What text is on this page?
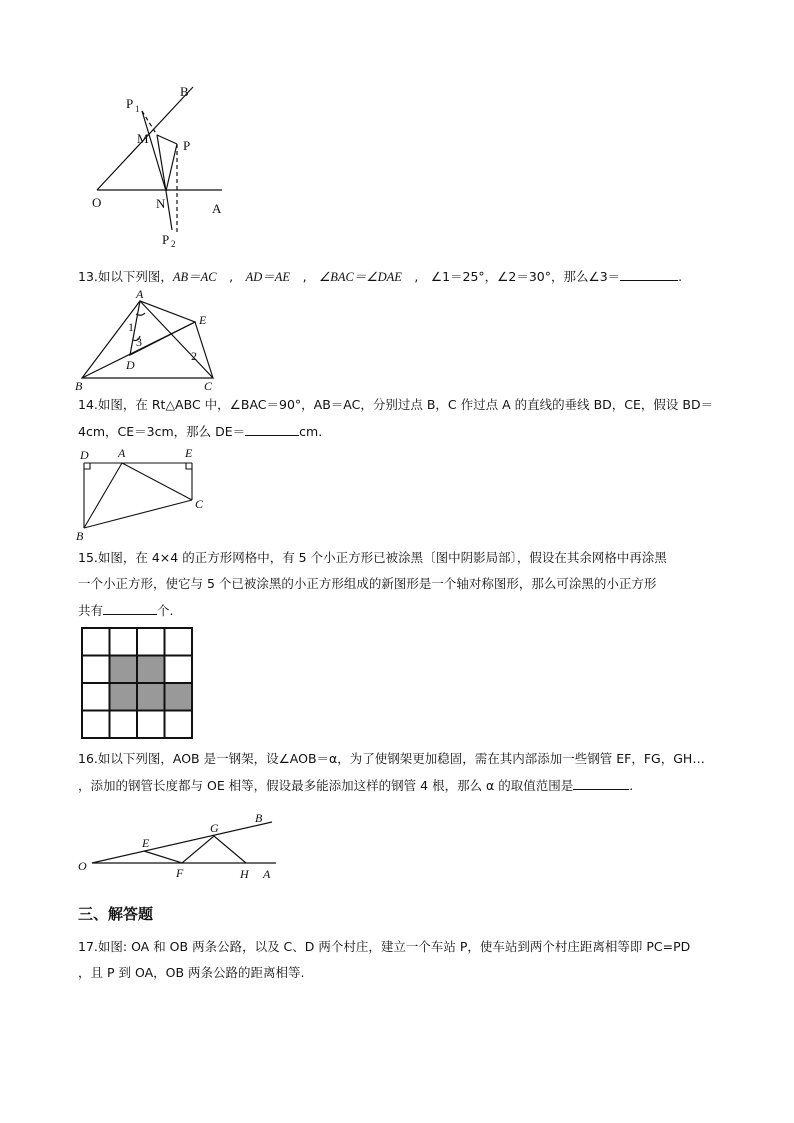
B
P 1
M	P
O	N	A
P 2
13.如以下列图，AB＝AC　,　AD＝AE　,　∠BAC＝∠DAE　,　∠1＝25°，∠2＝30°，那么∠3＝	.
A
E
1
3
D
2
B	C
14.如图，在 Rt△ABC 中，∠BAC＝90°，AB＝AC，分别过点 B，C 作过点 A 的直线的垂线 BD，CE，假设 BD＝
4cm，CE＝3cm，那么 DE＝	cm.
D A	E
C
B
15.如图，在 4×4 的正方形网格中，有 5 个小正方形已被涂黑〔图中阴影局部〕，假设在其余网格中再涂黑
一个小正方形，使它与 5 个已被涂黑的小正方形组成的新图形是一个轴对称图形，那么可涂黑的小正方形
共有	个.
16.如以下列图，AOB 是一钢架，设∠AOB＝α，为了使钢架更加稳固，需在其内部添加一些钢管 EF，FG，GH…
，添加的钢管长度都与 OE 相等，假设最多能添加这样的钢管 4 根，那么 α 的取值范围是	.
B
G
E
O	F	H A
三、解答题
17.如图: OA 和 OB 两条公路，以及 C、D 两个村庄，建立一个车站 P，使车站到两个村庄距离相等即 PC=PD
，且 P 到 OA，OB 两条公路的距离相等.
